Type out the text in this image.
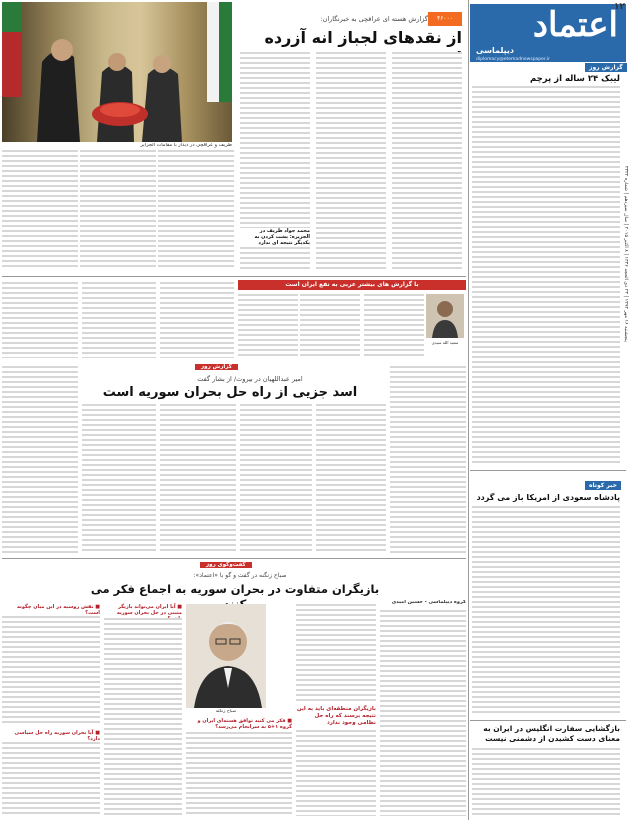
اعتماد
دیپلماسی
diplomacy@etemadnewspaper.ir
پنجشنبه ۱۶ مهر ۱۳۹۴ | ۲۳ ذی الحجه ۱۴۳۶ | ۸ اکتبر ۲۰۱۵ | سال سیزدهم | شماره ۳۳۳۲
۱۲
گزارش روز
لیبک ۲۴ ساله از پرچم
خبر کوتاه
پادشاه سعودی از امریکا باز می گردد
بازگشایی سفارت انگلیس در ایران به معنای دست کشیدن از دشمنی نیست
گزارش هسته ای عراقچی به خبرنگاران:	۴۶۰۰۰
از نقدهای لجباز انه آزرده
ظریف و عراقچی در دیدار با مقامات الجزایر
محمد جواد ظریف در الجزیره: پشت کردن به یکدیگر نتیجه ای ندارد
با گزارش های بیشتر عربی به نفع ایران است
سعید الله سیدی
گزارش روز
امیر عبداللهیان در بیروت/ از بشار گفت
اسد جزیی از راه حل بحران سوریه است
گفت‌وگوی روز
صباح زنگنه در گفت و گو با «اعتماد»:
بازیگران متفاوت در بحران سوریه به اجماع فکر می
گروه دیپلماسی - حسین امیدی
صباح زنگنه	بازیگران منطقه‌ای باید به این نتیجه برسند که راه حل نظامی وجود ندارد
■ فکر می کنید توافق هسته‌ای ایران و گروه ۱+۵ به سرانجام می‌رسد؟
■ آیا ایران می‌تواند بازیگر مثبتی در حل بحران سوریه
■ نقش روسیه در این میان چگونه است؟
■ آیا بحران سوریه راه حل سیاسی دارد؟
